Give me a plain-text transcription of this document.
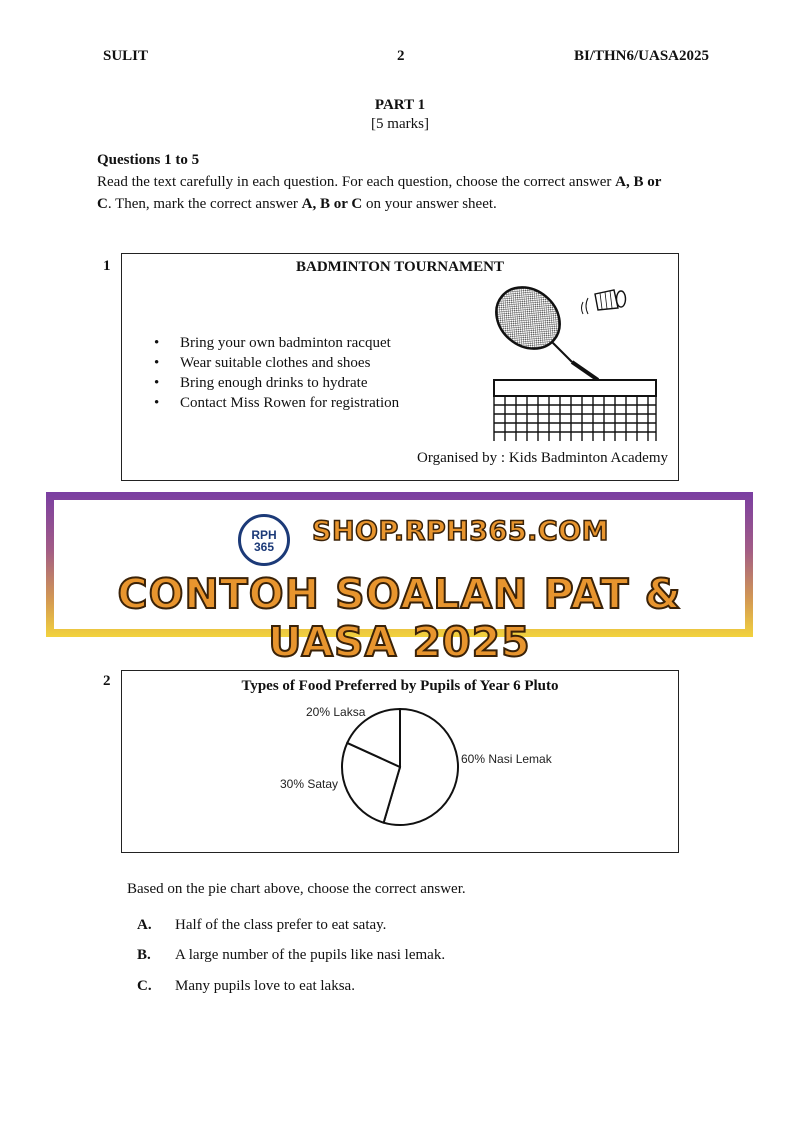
SULIT	2	BI/THN6/UASA2025
PART 1
[5 marks]
Questions 1 to 5
Read the text carefully in each question. For each question, choose the correct answer A, B or
C. Then, mark the correct answer A, B or C on your answer sheet.
1	BADMINTON TOURNAMENT
• Bring your own badminton racquet
• Wear suitable clothes and shoes
• Bring enough drinks to hydrate
• Contact Miss Rowen for registration
Organised by : Kids Badminton Academy
RPH
365	SHOP.RPH365.COM
CONTOH SOALAN PAT & UASA 2025
2	Types of Food Preferred by Pupils of Year 6 Pluto
60% Nasi Lemak
30% Satay
20% Laksa
Based on the pie chart above, choose the correct answer.
A. Half of the class prefer to eat satay.
B. A large number of the pupils like nasi lemak.
C. Many pupils love to eat laksa.
